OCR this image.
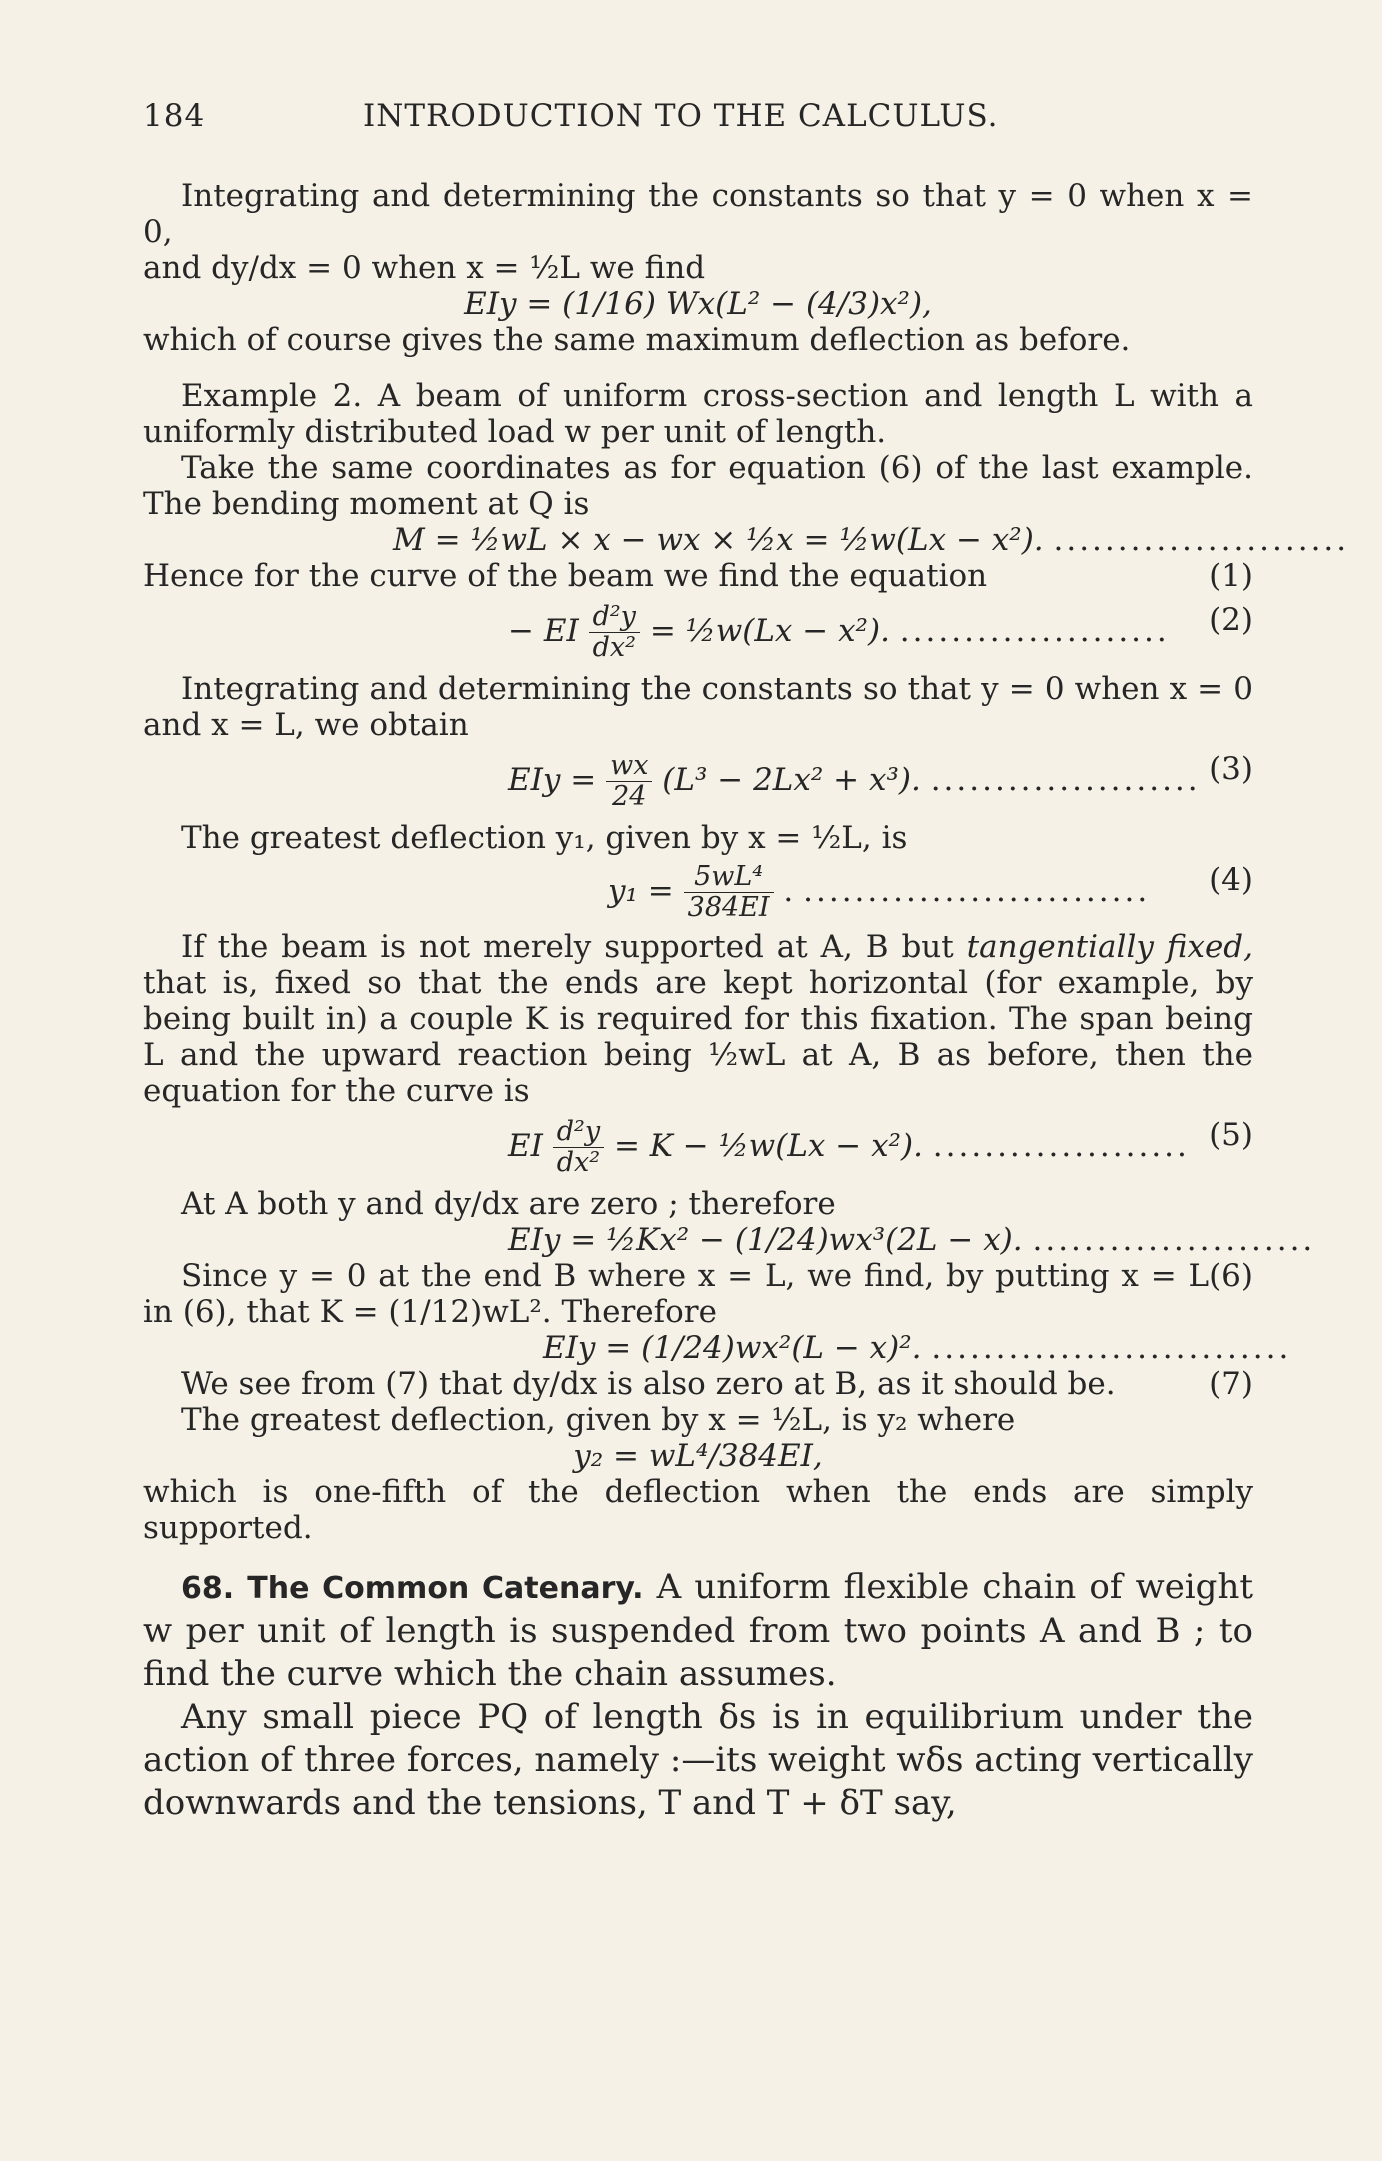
184	INTRODUCTION TO THE CALCULUS.

Integrating and determining the constants so that y = 0 when x = 0,

and dy/dx = 0 when x = ½L we find

EIy = (1/16) Wx(L² − (4/3)x²),

which of course gives the same maximum deflection as before.

Example 2. A beam of uniform cross-section and length L with a uniformly distributed load w per unit of length.

Take the same coordinates as for equation (6) of the last example. The bending moment at Q is

M = ½wL × x − wx × ½x = ½w(Lx − x²). .......................
(1)

Hence for the curve of the beam we find the equation

− EI $\frac{\text{d²y}}{\text{dx²}}$ = ½w(Lx − x²). ..................... (2)

Integrating and determining the constants so that y = 0 when x = 0 and x = L, we obtain

EIy = $\frac{wx}{24} (L^3 - 2Lx^2 + x^3)$. ..................... (3)

The greatest deflection y₁, given by x = ½L, is

$y_1 = \frac{\text{5wL⁴}}{384EI}$ . ........................... (4)

If the beam is not merely supported at A, B but tangentially fixed, that is, fixed so that the ends are kept horizontal (for example, by being built in) a couple K is required for this fixation. The span being L and the upward reaction being ½wL at A, B as before, then the equation for the curve is

EI $\frac{\text{d²y}}{\text{dx²}} = K$ − ½w(Lx − x²). .................... (5)

At A both y and dy/dx are zero ; therefore

EIy = ½Kx² − (1/24)wx³(2L − x). ......................
(6)

Since y = 0 at the end B where x = L, we find, by putting x = L in (6), that K = (1/12)wL². Therefore

EIy = (1/24)wx²(L − x)². ............................
(7)

We see from (7) that dy/dx is also zero at B, as it should be.

The greatest deflection, given by x = ½L, is y₂ where

y₂ = wL⁴/384EI,

which is one-fifth of the deflection when the ends are simply supported.

68. The Common Catenary. A uniform flexible chain of weight w per unit of length is suspended from two points A and B ; to find the curve which the chain assumes.

Any small piece PQ of length δs is in equilibrium under the action of three forces, namely :—its weight wδs acting vertically downwards and the tensions, T and T + δT say,
